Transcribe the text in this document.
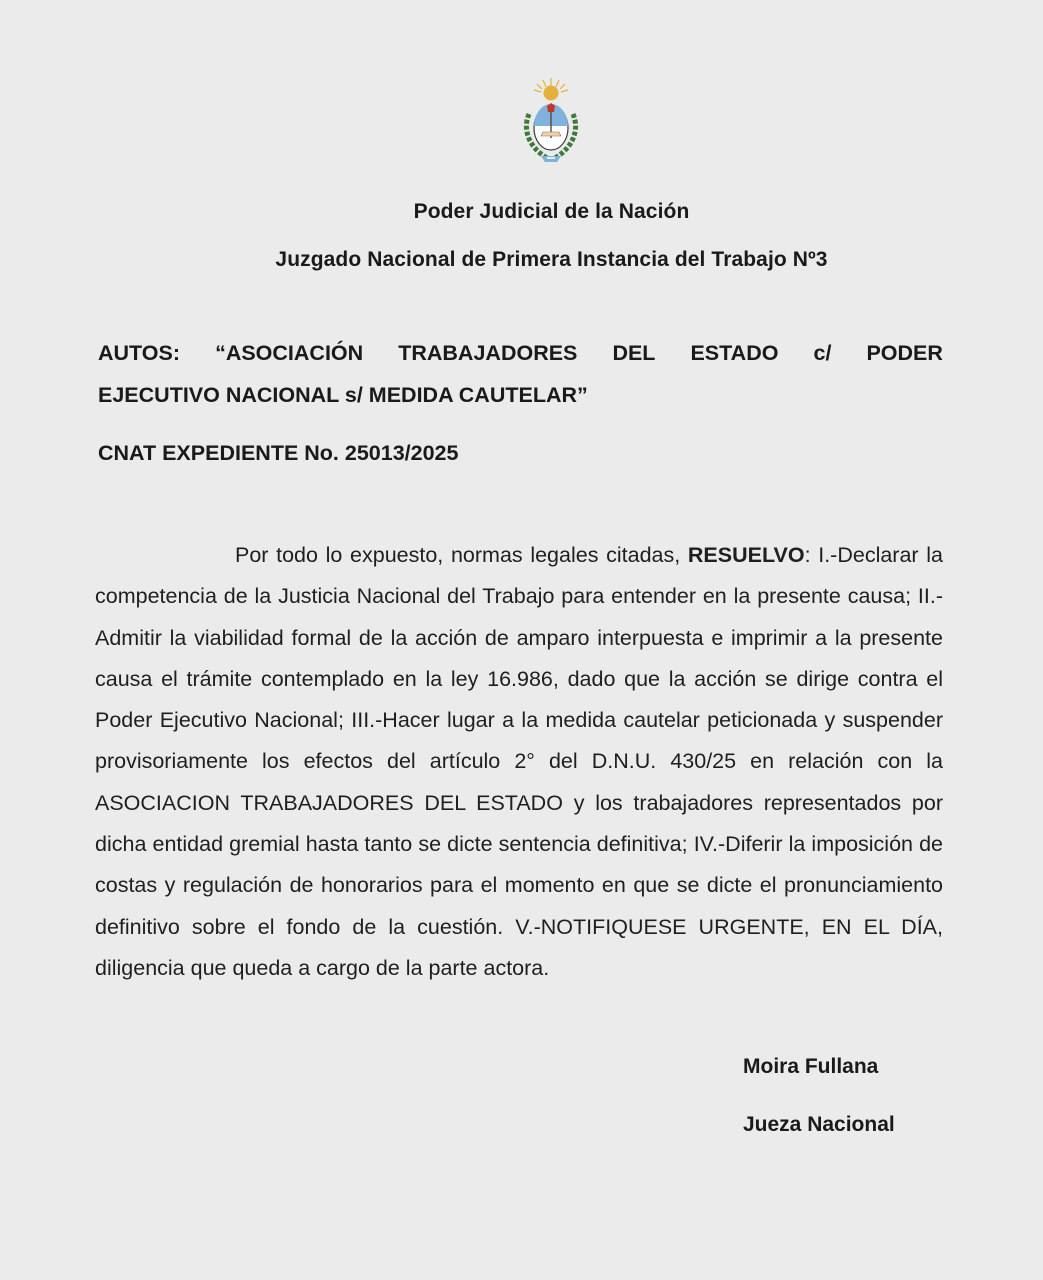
Poder Judicial de la Nación
Juzgado Nacional de Primera Instancia del Trabajo Nº3
AUTOS: “ASOCIACIÓN TRABAJADORES DEL ESTADO c/ PODER
EJECUTIVO NACIONAL s/ MEDIDA CAUTELAR”
CNAT EXPEDIENTE No. 25013/2025

Por todo lo expuesto, normas legales citadas, RESUELVO: I.-Declarar la competencia de la Justicia Nacional del Trabajo para entender en la presente causa; II.-Admitir la viabilidad formal de la acción de amparo interpuesta e imprimir a la presente causa el trámite contemplado en la ley 16.986, dado que la acción se dirige contra el Poder Ejecutivo Nacional; III.-Hacer lugar a la medida cautelar peticionada y suspender provisoriamente los efectos del artículo 2° del D.N.U. 430/25 en relación con la ASOCIACION TRABAJADORES DEL ESTADO y los trabajadores representados por dicha entidad gremial hasta tanto se dicte sentencia definitiva; IV.-Diferir la imposición de costas y regulación de honorarios para el momento en que se dicte el pronunciamiento definitivo sobre el fondo de la cuestión. V.-NOTIFIQUESE URGENTE, EN EL DÍA, diligencia que queda a cargo de la parte actora.

Moira Fullana
Jueza Nacional
